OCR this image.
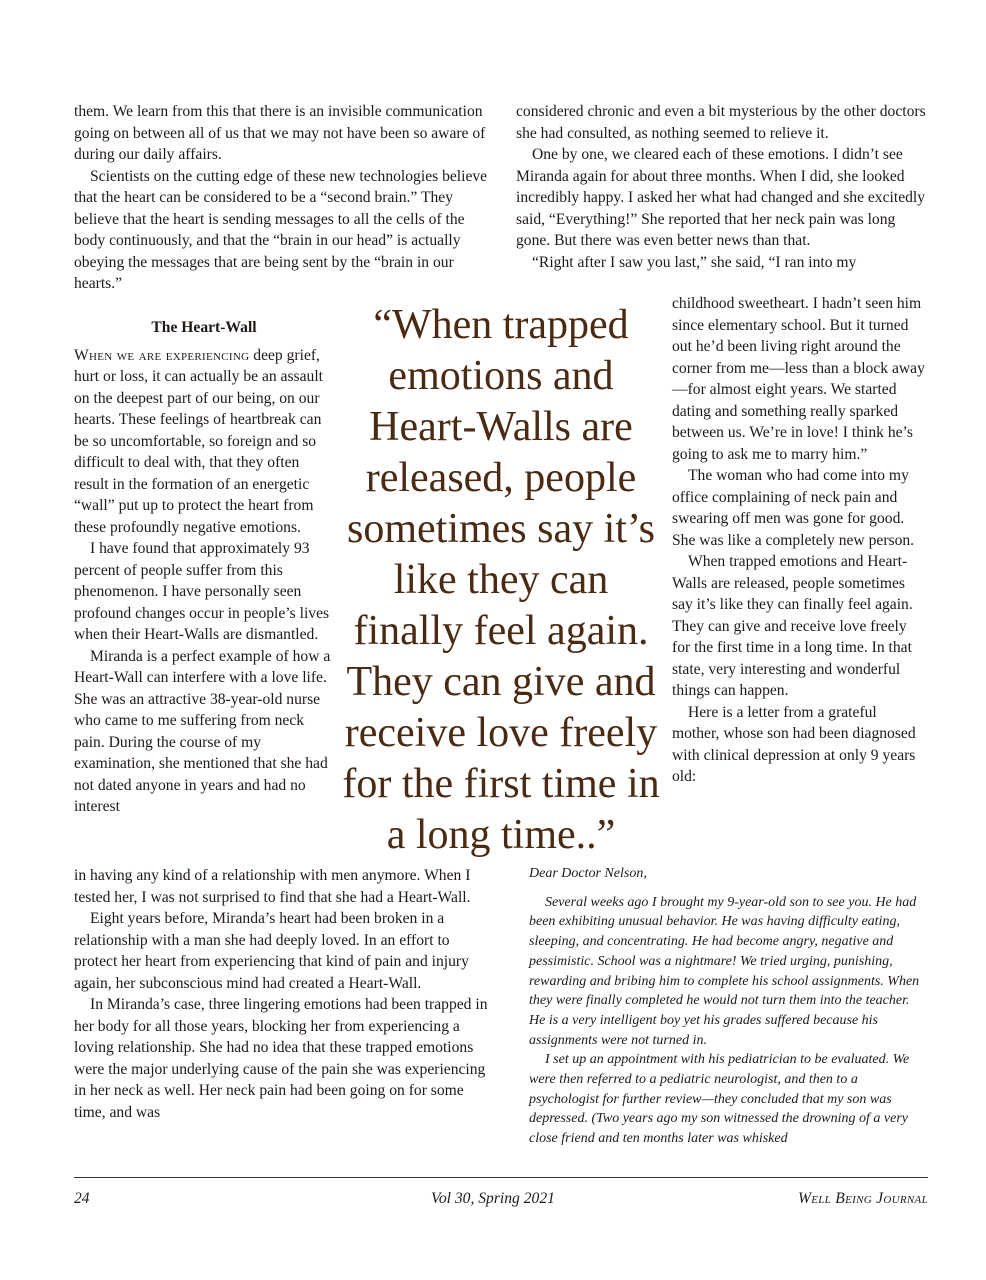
them. We learn from this that there is an invisible communication going on between all of us that we may not have been so aware of during our daily affairs.

Scientists on the cutting edge of these new technologies believe that the heart can be considered to be a “second brain.” They believe that the heart is sending messages to all the cells of the body continuously, and that the “brain in our head” is actually obeying the messages that are being sent by the “brain in our hearts.”

The Heart-Wall

When we are experiencing deep grief, hurt or loss, it can actually be an assault on the deepest part of our being, on our hearts. These feelings of heartbreak can be so uncomfortable, so foreign and so difficult to deal with, that they often result in the formation of an energetic “wall” put up to protect the heart from these profoundly negative emotions.

I have found that approximately 93 percent of people suffer from this phenomenon. I have personally seen profound changes occur in people’s lives when their Heart-Walls are dismantled.

Miranda is a perfect example of how a Heart-Wall can interfere with a love life. She was an attractive 38-year-old nurse who came to me suffering from neck pain. During the course of my examination, she mentioned that she had not dated anyone in years and had no interest

in having any kind of a relationship with men anymore. When I tested her, I was not surprised to find that she had a Heart-Wall.

Eight years before, Miranda’s heart had been broken in a relationship with a man she had deeply loved. In an effort to protect her heart from experiencing that kind of pain and injury again, her subconscious mind had created a Heart-Wall.

In Miranda’s case, three lingering emotions had been trapped in her body for all those years, blocking her from experiencing a loving relationship. She had no idea that these trapped emotions were the major underlying cause of the pain she was experiencing in her neck as well. Her neck pain had been going on for some time, and was

“When trapped emotions and Heart-Walls are released, people sometimes say it’s like they can finally feel again. They can give and receive love freely for the first time in a long time..”

considered chronic and even a bit mysterious by the other doctors she had consulted, as nothing seemed to relieve it.

One by one, we cleared each of these emotions. I didn’t see Miranda again for about three months. When I did, she looked incredibly happy. I asked her what had changed and she excitedly said, “Everything!” She reported that her neck pain was long gone. But there was even better news than that.

“Right after I saw you last,” she said, “I ran into my

childhood sweetheart. I hadn’t seen him since elementary school. But it turned out he’d been living right around the corner from me—less than a block away—for almost eight years. We started dating and something really sparked between us. We’re in love! I think he’s going to ask me to marry him.”

The woman who had come into my office complaining of neck pain and swearing off men was gone for good. She was like a completely new person.

When trapped emotions and Heart-Walls are released, people sometimes say it’s like they can finally feel again. They can give and receive love freely for the first time in a long time. In that state, very interesting and wonderful things can happen.

Here is a letter from a grateful mother, whose son had been diagnosed with clinical depression at only 9 years old:

Dear Doctor Nelson,

Several weeks ago I brought my 9-year-old son to see you. He had been exhibiting unusual behavior. He was having difficulty eating, sleeping, and concentrating. He had become angry, negative and pessimistic. School was a nightmare! We tried urging, punishing, rewarding and bribing him to complete his school assignments. When they were finally completed he would not turn them into the teacher. He is a very intelligent boy yet his grades suffered because his assignments were not turned in.

I set up an appointment with his pediatrician to be evaluated. We were then referred to a pediatric neurologist, and then to a psychologist for further review—they concluded that my son was depressed. (Two years ago my son witnessed the drowning of a very close friend and ten months later was whisked

24	Vol 30, Spring 2021	Well Being Journal
